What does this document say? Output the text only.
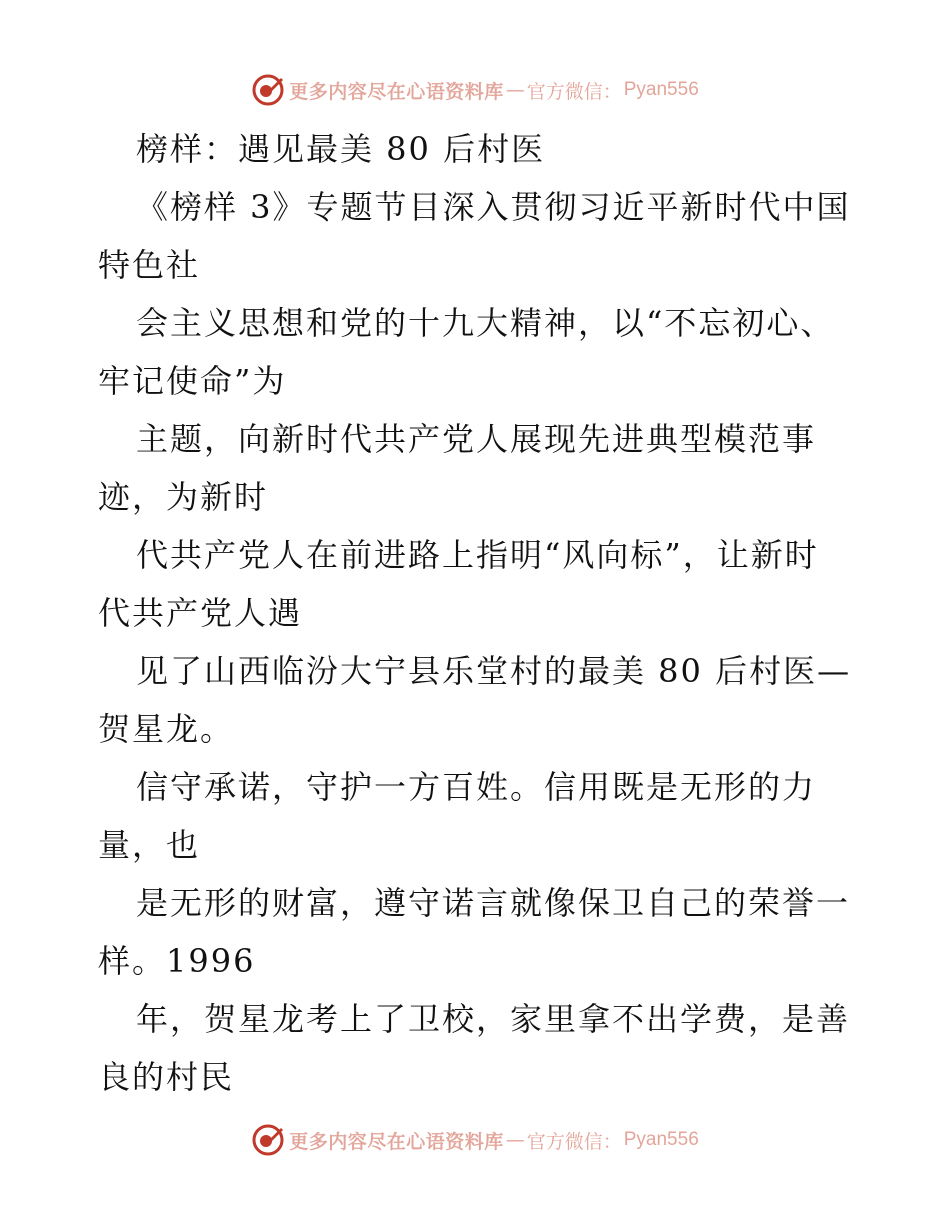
更多内容尽在心语资料库 — 官方微信： Pyan556
榜样：遇见最美 80 后村医
《榜样 3》专题节目深入贯彻习近平新时代中国
特色社
会主义思想和党的十九大精神，以“不忘初心、
牢记使命”为
主题，向新时代共产党人展现先进典型模范事
迹，为新时
代共产党人在前进路上指明“风向标”，让新时
代共产党人遇
见了山西临汾大宁县乐堂村的最美 80 后村医—
贺星龙。
信守承诺，守护一方百姓。信用既是无形的力
量，也
是无形的财富，遵守诺言就像保卫自己的荣誉一
样。1996
年，贺星龙考上了卫校，家里拿不出学费，是善
良的村民
更多内容尽在心语资料库 — 官方微信： Pyan556
